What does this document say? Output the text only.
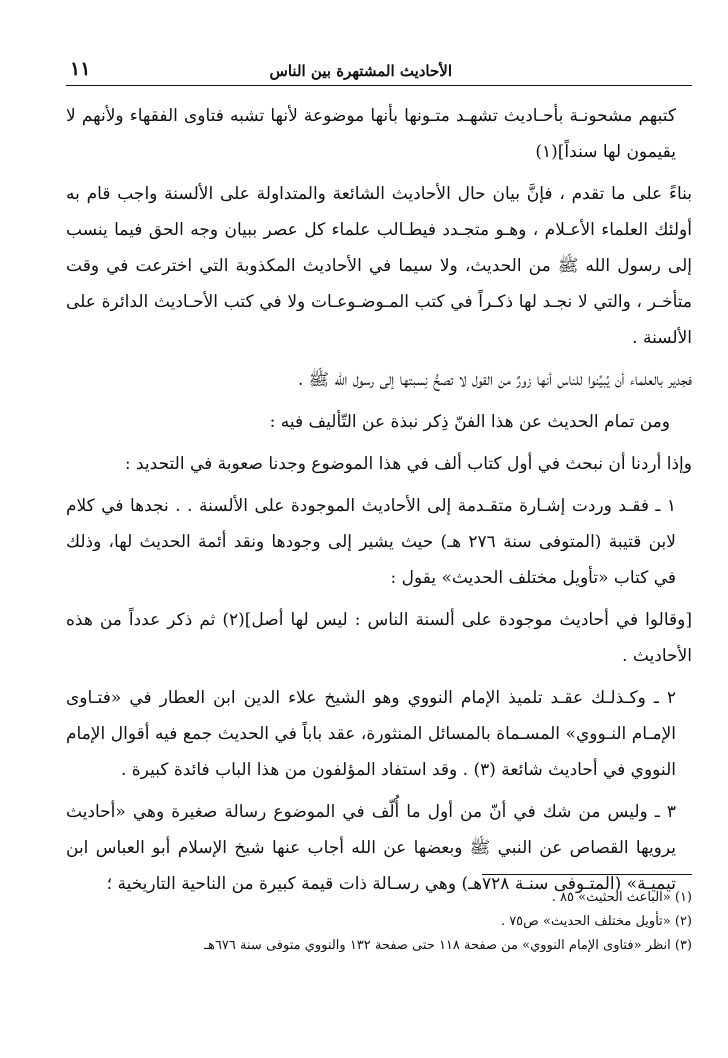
الأحاديث المشتهرة بين الناس
١١

كتبهم مشحونـة بأحـاديث تشهـد متـونها بأنها موضوعة لأنها تشبه فتاوى الفقهاء ولأنهم لا يقيمون لها سنداً](١)

بناءً على ما تقدم ، فإنَّ بيان حال الأحاديث الشائعة والمتداولة على الألسنة واجب قام به أولئك العلماء الأعـلام ، وهـو متجـدد فيطـالب علماء كل عصر ببيان وجه الحق فيما ينسب إلى رسول الله ﷺ من الحديث، ولا سيما في الأحاديث المكذوبة التي اخترعت في وقت متأخـر ، والتي لا نجـد لها ذكـراً في كتب المـوضـوعـات ولا في كتب الأحـاديث الدائرة على الألسنة .

فجدير بالعلماء أن يُبيِّنوا للناس أنها زورٌ من القول لا تصحُّ نِسبتها إلى رسول الله ﷺ .

ومن تمام الحديث عن هذا الفنّ ذِكر نبذة عن التّأليف فيه :

وإذا أردنا أن نبحث في أول كتاب ألف في هذا الموضوع وجدنا صعوبة في التحديد :

١ ـ فقـد وردت إشـارة متقـدمة إلى الأحاديث الموجودة على الألسنة . . نجدها في كلام لابن قتيبة (المتوفى سنة ٢٧٦ هـ) حيث يشير إلى وجودها ونقد أئمة الحديث لها، وذلك في كتاب «تأويل مختلف الحديث» يقول :

[وقالوا في أحاديث موجودة على ألسنة الناس : ليس لها أصل](٢) ثم ذكر عدداً من هذه الأحاديث .

٢ ـ وكـذلـك عقـد تلميذ الإمام النووي وهو الشيخ علاء الدين ابن العطار في «فتـاوى الإمـام النـووي» المسـماة بالمسائل المنثورة، عقد باباً في الحديث جمع فيه أقوال الإمام النووي في أحاديث شائعة (٣) . وقد استفاد المؤلفون من هذا الباب فائدة كبيرة .

٣ ـ وليس من شك في أنّ من أول ما أُلّف في الموضوع رسالة صغيرة وهي «أحاديث يرويها القصاص عن النبي ﷺ وبعضها عن الله أجاب عنها شيخ الإسلام أبو العباس ابن تيميـة» (المتـوفى سنـة ٧٢٨هـ) وهي رسـالة ذات قيمة كبيرة من الناحية التاريخية ؛

(١) «الباعث الحثيث» ٨٥ .
(٢) «تأويل مختلف الحديث» ص٧٥ .
(٣) انظر «فتاوى الإمام النووي» من صفحة ١١٨ حتى صفحة ١٣٢ والنووي متوفى سنة ٦٧٦هـ
